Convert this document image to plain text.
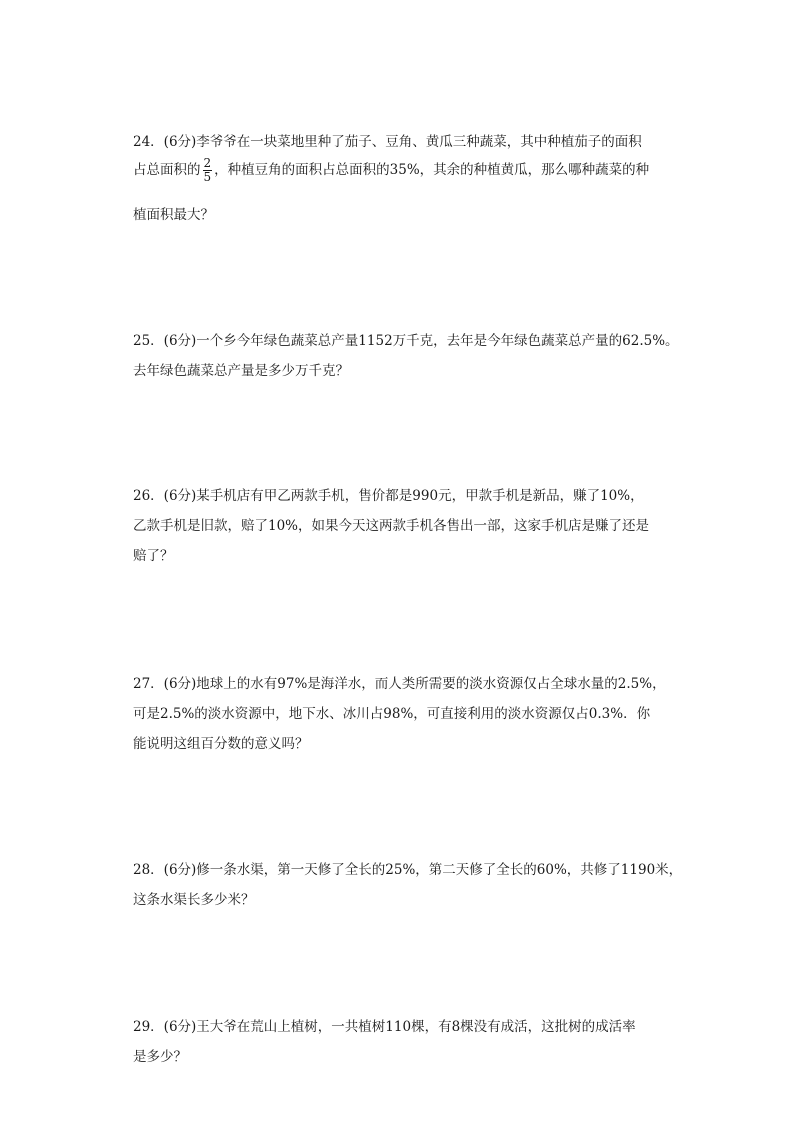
24．(6分)李爷爷在一块菜地里种了茄子、豆角、黄瓜三种蔬菜，其中种植茄子的面积
占总面积的 $\frac{2}{5}$ ，种植豆角的面积占总面积的35%，其余的种植黄瓜，那么哪种蔬菜的种
植面积最大？
25．(6分)一个乡今年绿色蔬菜总产量1152万千克，去年是今年绿色蔬菜总产量的62.5%。
去年绿色蔬菜总产量是多少万千克？
26．(6分)某手机店有甲乙两款手机，售价都是990元，甲款手机是新品，赚了10%，
乙款手机是旧款，赔了10%，如果今天这两款手机各售出一部，这家手机店是赚了还是
赔了？
27．(6分)地球上的水有97%是海洋水，而人类所需要的淡水资源仅占全球水量的2.5%，
可是2.5%的淡水资源中，地下水、冰川占98%，可直接利用的淡水资源仅占0.3%．你
能说明这组百分数的意义吗？
28．(6分)修一条水渠，第一天修了全长的25%，第二天修了全长的60%，共修了1190米，
这条水渠长多少米？
29．(6分)王大爷在荒山上植树，一共植树110棵，有8棵没有成活，这批树的成活率
是多少？
